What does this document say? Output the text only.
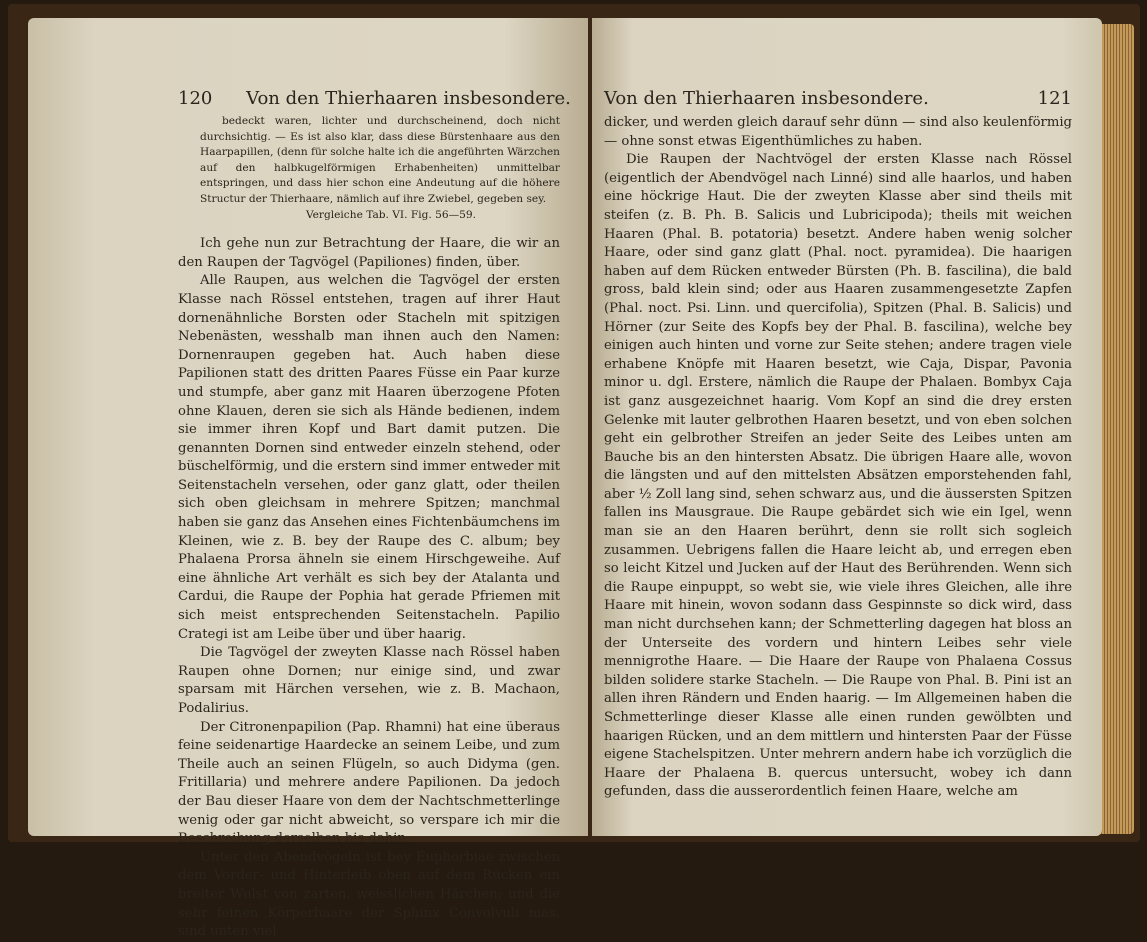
120 Von den Thierhaaren insbesondere.

bedeckt waren, lichter und durchscheinend, doch nicht durchsichtig. — Es ist also klar, dass diese Bürstenhaare aus den Haarpapillen, (denn für solche halte ich die angeführten Wärzchen auf den halbkugelförmigen Erhabenheiten) unmittelbar entspringen, und dass hier schon eine Andeutung auf die höhere Structur der Thierhaare, nämlich auf ihre Zwiebel, gegeben sey.

Vergleiche Tab. VI. Fig. 56—59.

Ich gehe nun zur Betrachtung der Haare, die wir an den Raupen der Tagvögel (Papiliones) finden, über.

Alle Raupen, aus welchen die Tagvögel der ersten Klasse nach Rössel entstehen, tragen auf ihrer Haut dornenähnliche Borsten oder Stacheln mit spitzigen Nebenästen, wesshalb man ihnen auch den Namen: Dornenraupen gegeben hat. Auch haben diese Papilionen statt des dritten Paares Füsse ein Paar kurze und stumpfe, aber ganz mit Haaren überzogene Pfoten ohne Klauen, deren sie sich als Hände bedienen, indem sie immer ihren Kopf und Bart damit putzen. Die genannten Dornen sind entweder einzeln stehend, oder büschelförmig, und die erstern sind immer entweder mit Seitenstacheln versehen, oder ganz glatt, oder theilen sich oben gleichsam in mehrere Spitzen; manchmal haben sie ganz das Ansehen eines Fichtenbäumchens im Kleinen, wie z. B. bey der Raupe des C. album; bey Phalaena Prorsa ähneln sie einem Hirschgeweihe. Auf eine ähnliche Art verhält es sich bey der Atalanta und Cardui, die Raupe der Pophia hat gerade Pfriemen mit sich meist entsprechenden Seitenstacheln. Papilio Crategi ist am Leibe über und über haarig.

Die Tagvögel der zweyten Klasse nach Rössel haben Raupen ohne Dornen; nur einige sind, und zwar sparsam mit Härchen versehen, wie z. B. Machaon, Podalirius.

Der Citronenpapilion (Pap. Rhamni) hat eine überaus feine seidenartige Haardecke an seinem Leibe, und zum Theile auch an seinen Flügeln, so auch Didyma (gen. Fritillaria) und mehrere andere Papilionen. Da jedoch der Bau dieser Haare von dem der Nachtschmetterlinge wenig oder gar nicht abweicht, so verspare ich mir die Beschreibung derselben bis dahin.

Unter den Abendvögeln ist bey Euphorbiae zwischen dem Vorder- und Hinterleib oben auf dem Rücken ein breiter Wulst von zarten, weisslichen Härchen; und die sehr feinen Körperhaare der Sphinx Convolvuli mas. sind unten viel

Von den Thierhaaren insbesondere.	121

dicker, und werden gleich darauf sehr dünn — sind also keulenförmig — ohne sonst etwas Eigenthümliches zu haben.

Die Raupen der Nachtvögel der ersten Klasse nach Rössel (eigentlich der Abendvögel nach Linné) sind alle haarlos, und haben eine höckrige Haut. Die der zweyten Klasse aber sind theils mit steifen (z. B. Ph. B. Salicis und Lubricipoda); theils mit weichen Haaren (Phal. B. potatoria) besetzt. Andere haben wenig solcher Haare, oder sind ganz glatt (Phal. noct. pyramidea). Die haarigen haben auf dem Rücken entweder Bürsten (Ph. B. fascilina), die bald gross, bald klein sind; oder aus Haaren zusammengesetzte Zapfen (Phal. noct. Psi. Linn. und quercifolia), Spitzen (Phal. B. Salicis) und Hörner (zur Seite des Kopfs bey der Phal. B. fascilina), welche bey einigen auch hinten und vorne zur Seite stehen; andere tragen viele erhabene Knöpfe mit Haaren besetzt, wie Caja, Dispar, Pavonia minor u. dgl. Erstere, nämlich die Raupe der Phalaen. Bombyx Caja ist ganz ausgezeichnet haarig. Vom Kopf an sind die drey ersten Gelenke mit lauter gelbrothen Haaren besetzt, und von eben solchen geht ein gelbrother Streifen an jeder Seite des Leibes unten am Bauche bis an den hintersten Absatz. Die übrigen Haare alle, wovon die längsten und auf den mittelsten Absätzen emporstehenden fahl, aber ½ Zoll lang sind, sehen schwarz aus, und die äussersten Spitzen fallen ins Mausgraue. Die Raupe gebärdet sich wie ein Igel, wenn man sie an den Haaren berührt, denn sie rollt sich sogleich zusammen. Uebrigens fallen die Haare leicht ab, und erregen eben so leicht Kitzel und Jucken auf der Haut des Berührenden. Wenn sich die Raupe einpuppt, so webt sie, wie viele ihres Gleichen, alle ihre Haare mit hinein, wovon sodann dass Gespinnste so dick wird, dass man nicht durchsehen kann; der Schmetterling dagegen hat bloss an der Unterseite des vordern und hintern Leibes sehr viele mennigrothe Haare. — Die Haare der Raupe von Phalaena Cossus bilden solidere starke Stacheln. — Die Raupe von Phal. B. Pini ist an allen ihren Rändern und Enden haarig. — Im Allgemeinen haben die Schmetterlinge dieser Klasse alle einen runden gewölbten und haarigen Rücken, und an dem mittlern und hintersten Paar der Füsse eigene Stachelspitzen. Unter mehrern andern habe ich vorzüglich die Haare der Phalaena B. quercus untersucht, wobey ich dann gefunden, dass die ausserordentlich feinen Haare, welche am
